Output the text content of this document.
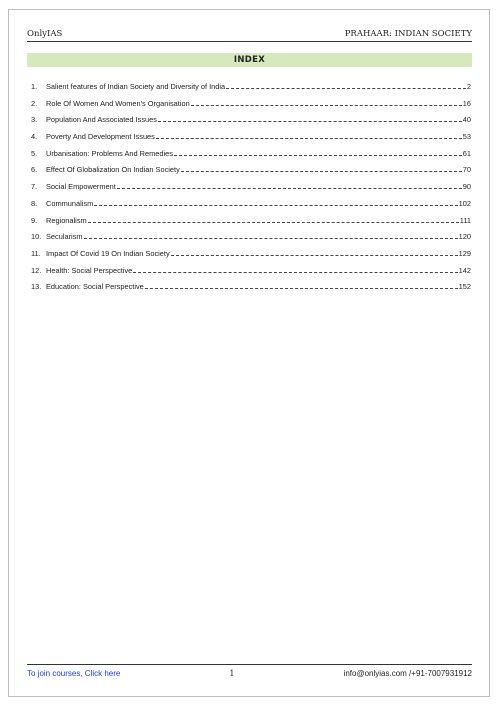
OnlyIAS	PRAHAAR: INDIAN SOCIETY
INDEX
1.	Salient features of Indian Society and Diversity of India	2
2.	Role Of Women And Women's Organisation	16
3.	Population And Associated Issues	40
4.	Poverty And Development Issues	53
5.	Urbanisation: Problems And Remedies	61
6.	Effect Of Globalization On Indian Society	70
7.	Social Empowerment	90
8.	Communalism	102
9.	Regionalism	111
10. Secularism	120
11. Impact Of Covid 19 On Indian Society	129
12. Health: Social Perspective	142
13. Education: Social Perspective	152
To join courses, Click here	1	info@onlyias.com /+91-7007931912
